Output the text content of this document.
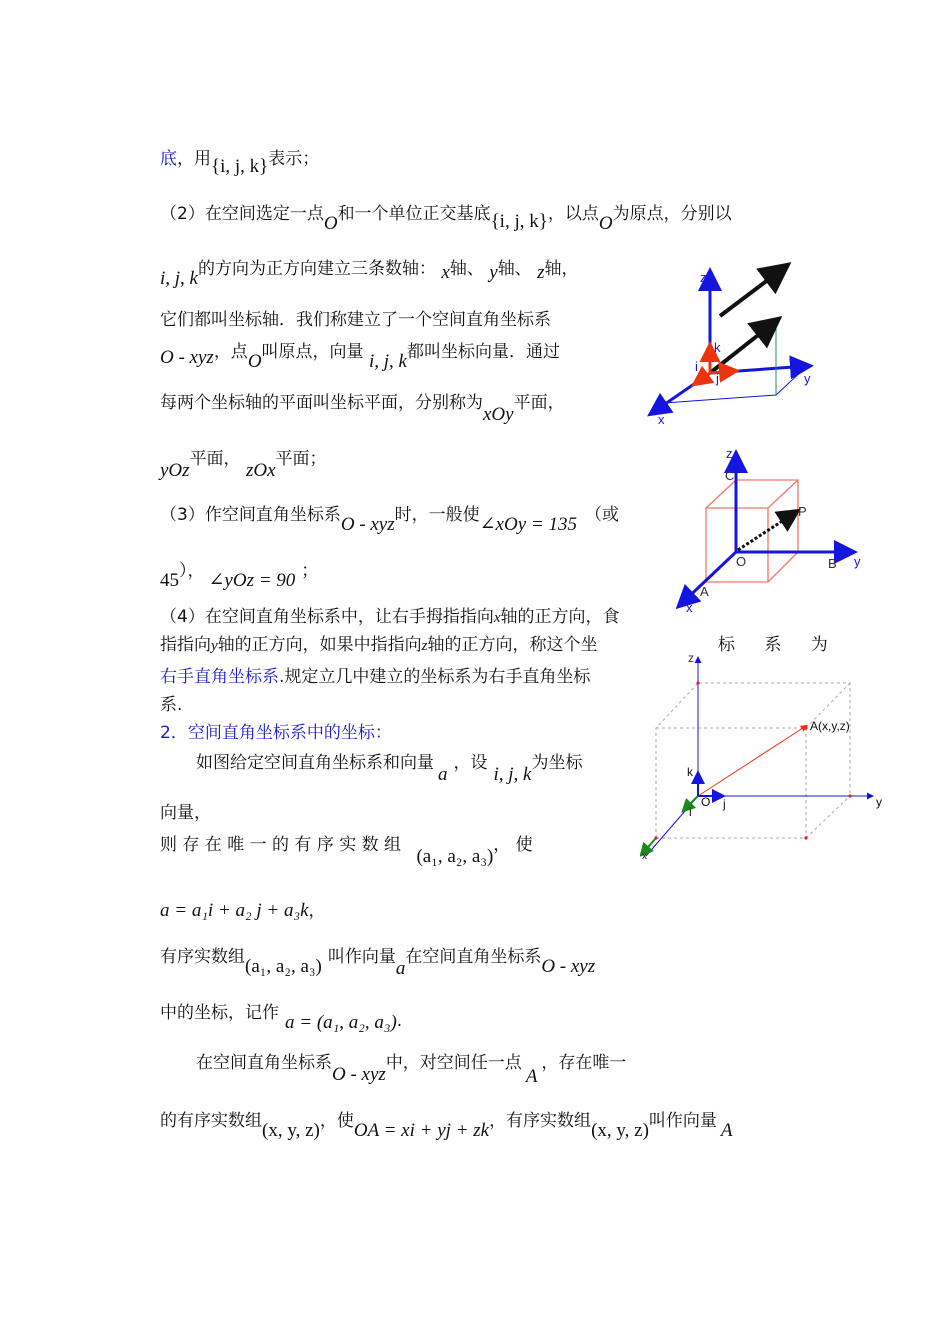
底，用{i, j, k}表示；
（2）在空间选定一点O和一个单位正交基底{i, j, k}，以点O为原点，分别以
i, j, k的方向为正方向建立三条数轴： x轴、 y轴、 z轴，
它们都叫坐标轴．我们称建立了一个空间直角坐标系
O - xyz，点O叫原点，向量 i, j, k都叫坐标向量．通过
每两个坐标轴的平面叫坐标平面，分别称为xOy平面，
yOz平面， zOx平面；
（3）作空间直角坐标系O - xyz时，一般使∠xOy = 135 （或
45）， ∠yOz = 90 ；
（4）在空间直角坐标系中，让右手拇指指向x轴的正方向，食
指指向y轴的正方向，如果中指指向z轴的正方向，称这个坐	标 系 为
右手直角坐标系.规定立几中建立的坐标系为右手直角坐标
系.
2．空间直角坐标系中的坐标：
如图给定空间直角坐标系和向量a，设i, j, k为坐标
向量，
则 存 在 唯 一 的 有 序 实 数 组 (a₁, a₂, a₃)， 使
a = a₁i + a₂ j + a₃k，
有序实数组(a₁, a₂, a₃) 叫作向量a在空间直角坐标系O - xyz
中的坐标，记作 a = (a₁, a₂, a₃).
在空间直角坐标系O - xyz中，对空间任一点A，存在唯一
的有序实数组(x, y, z)，使OA = xi + yj + zk，有序实数组(x, y, z)叫作向量 A
z
y
x
k
j
i
z
C
P
O	B y
A
x
z
A(x,y,z)
k
O j
i
y
x
